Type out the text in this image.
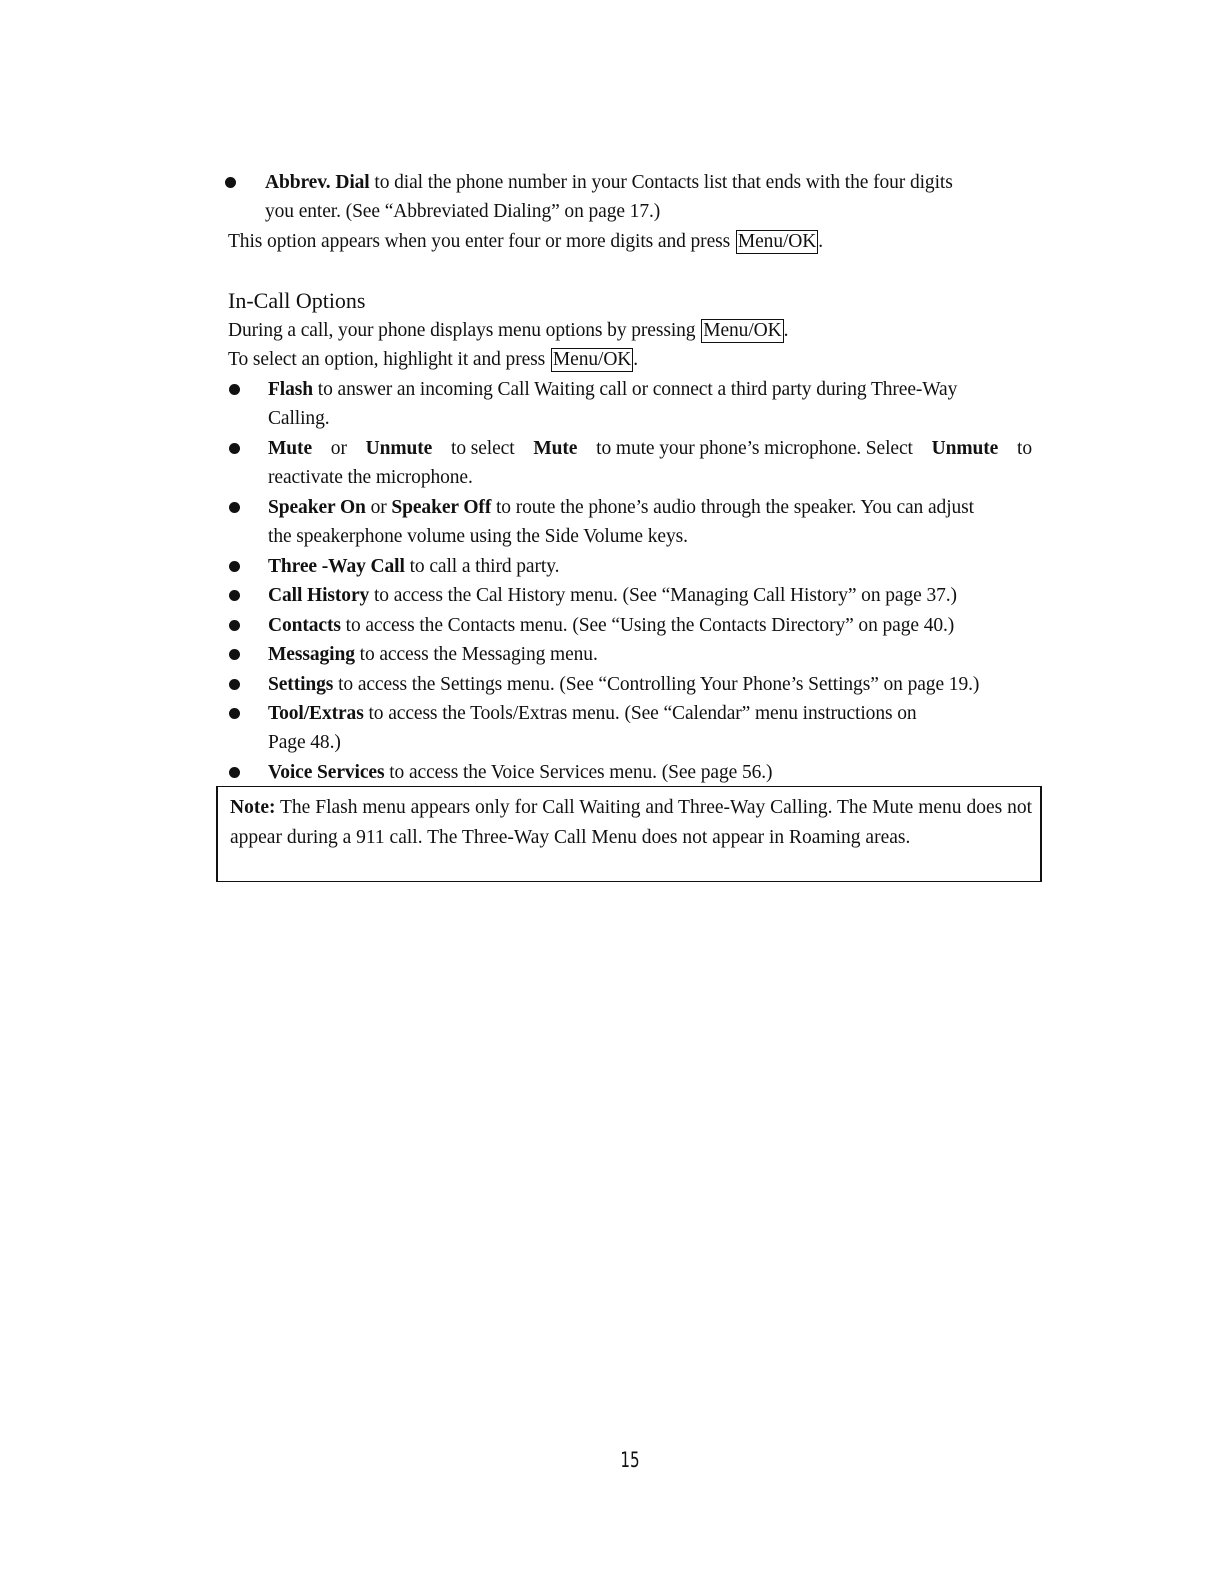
Abbrev. Dial to dial the phone number in your Contacts list that ends with the four digits
you enter. (See “Abbreviated Dialing” on page 17.)
This option appears when you enter four or more digits and press Menu/OK .
In-Call Options
During a call, your phone displays menu options by pressing Menu/OK .
To select an option, highlight it and press Menu/OK .
Flash to answer an incoming Call Waiting call or connect a third party during Three-Way
Calling.
Mute or Unmute to select Mute to mute your phone’s microphone. Select Unmute to
reactivate the microphone.
Speaker On or Speaker Off to route the phone’s audio through the speaker. You can adjust
the speakerphone volume using the Side Volume keys.
Three -Way Call to call a third party.
Call History to access the Cal History menu. (See “Managing Call History” on page 37.)
Contacts to access the Contacts menu. (See “Using the Contacts Directory” on page 40.)
Messaging to access the Messaging menu.
Settings to access the Settings menu. (See “Controlling Your Phone’s Settings” on page 19.)
Tool/Extras to access the Tools/Extras menu. (See “Calendar” menu instructions on
Page 48.)
Voice Services to access the Voice Services menu. (See page 56.)
Note: The Flash menu appears only for Call Waiting and Three-Way Calling. The Mute menu does not appear during a 911 call. The Three-Way Call Menu does not appear in Roaming areas.
15
